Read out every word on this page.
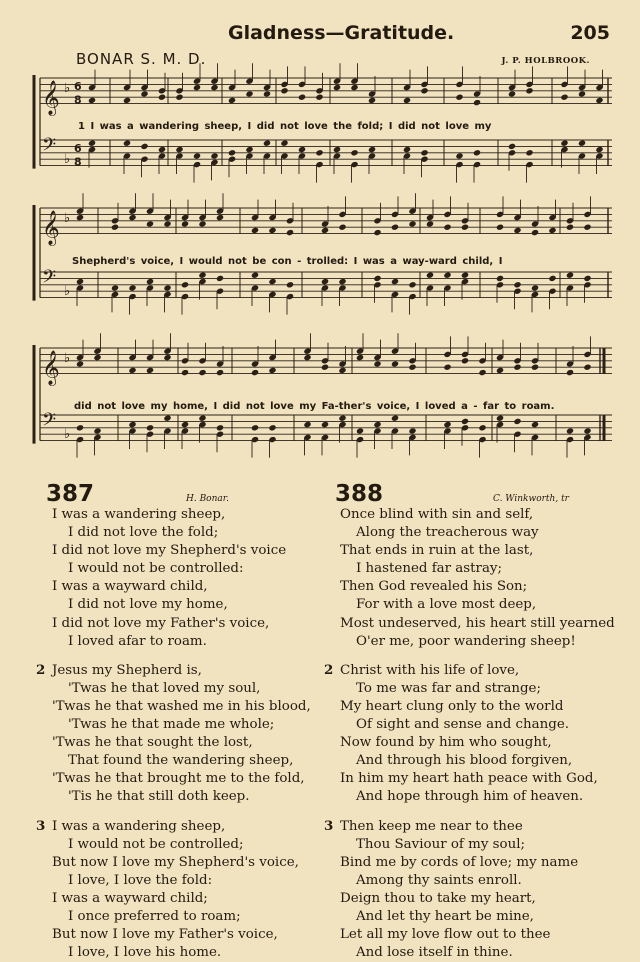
Gladness—Gratitude.	205
BONAR S. M. D.	J. P. HOLBROOK.
𝄞 ♭ 6
8
𝄢 ♭
6
8
𝄞 ♭
𝄢 ♭
𝄞 ♭
𝄢 ♭
1 I was a wandering sheep, I did not love the fold; I did not love my
Shepherd's voice, I would not be con - trolled: I was a way-ward child, I
did not love my home, I did not love my Fa-ther's voice, I loved a - far to roam.
387	H. Bonar.
I was a wandering sheep,
I did not love the fold;
I did not love my Shepherd's voice
I would not be controlled:
I was a wayward child,
I did not love my home,
I did not love my Father's voice,
I loved afar to roam.
2 Jesus my Shepherd is,
'Twas he that loved my soul,
'Twas he that washed me in his blood,
'Twas he that made me whole;
'Twas he that sought the lost,
That found the wandering sheep,
'Twas he that brought me to the fold,
'Tis he that still doth keep.
3 I was a wandering sheep,
I would not be controlled;
But now I love my Shepherd's voice,
I love, I love the fold:
I was a wayward child;
I once preferred to roam;
But now I love my Father's voice,
I love, I love his home.
388	C. Winkworth, tr
Once blind with sin and self,
Along the treacherous way
That ends in ruin at the last,
I hastened far astray;
Then God revealed his Son;
For with a love most deep,
Most undeserved, his heart still yearned
O'er me, poor wandering sheep!
2 Christ with his life of love,
To me was far and strange;
My heart clung only to the world
Of sight and sense and change.
Now found by him who sought,
And through his blood forgiven,
In him my heart hath peace with God,
And hope through him of heaven.
3 Then keep me near to thee
Thou Saviour of my soul;
Bind me by cords of love; my name
Among thy saints enroll.
Deign thou to take my heart,
And let thy heart be mine,
Let all my love flow out to thee
And lose itself in thine.
